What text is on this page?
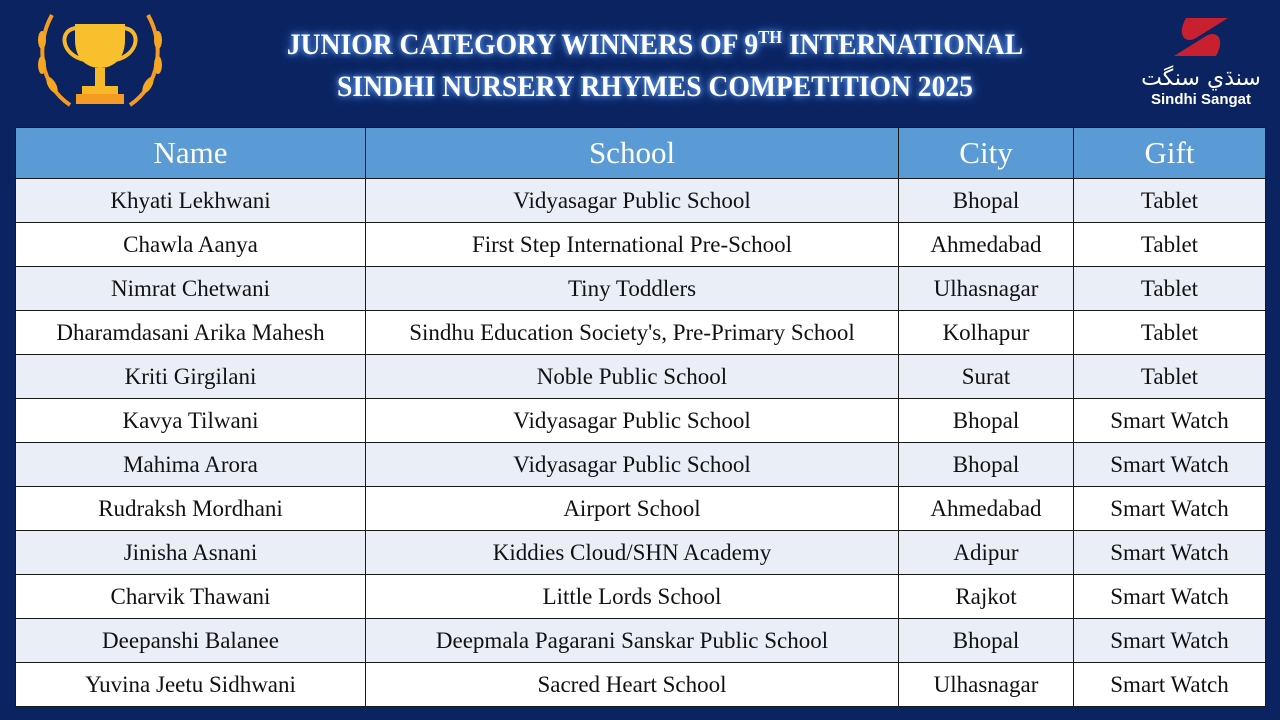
JUNIOR CATEGORY WINNERS OF 9TH INTERNATIONAL
SINDHI NURSERY RHYMES COMPETITION 2025	سنڌي سنگت
Sindhi Sangat
Name	School	City	Gift
Khyati Lekhwani	Vidyasagar Public School	Bhopal	Tablet
Chawla Aanya	First Step International Pre-School	Ahmedabad	Tablet
Nimrat Chetwani	Tiny Toddlers	Ulhasnagar	Tablet
Dharamdasani Arika Mahesh	Sindhu Education Society's, Pre-Primary School	Kolhapur	Tablet
Kriti Girgilani	Noble Public School	Surat	Tablet
Kavya Tilwani	Vidyasagar Public School	Bhopal	Smart Watch
Mahima Arora	Vidyasagar Public School	Bhopal	Smart Watch
Rudraksh Mordhani	Airport School	Ahmedabad	Smart Watch
Jinisha Asnani	Kiddies Cloud/SHN Academy	Adipur	Smart Watch
Charvik Thawani	Little Lords School	Rajkot	Smart Watch
Deepanshi Balanee	Deepmala Pagarani Sanskar Public School	Bhopal	Smart Watch
Yuvina Jeetu Sidhwani	Sacred Heart School	Ulhasnagar	Smart Watch
